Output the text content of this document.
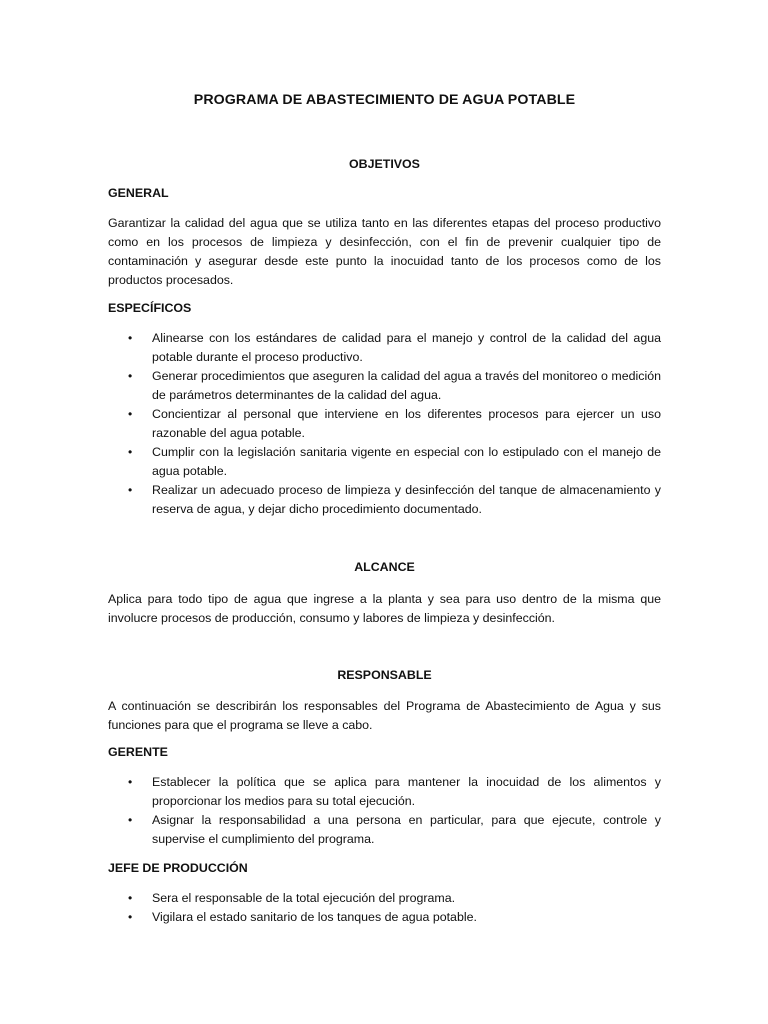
PROGRAMA DE ABASTECIMIENTO DE AGUA POTABLE
OBJETIVOS
GENERAL

Garantizar la calidad del agua que se utiliza tanto en las diferentes etapas del proceso productivo como en los procesos de limpieza y desinfección, con el fin de prevenir cualquier tipo de contaminación y asegurar desde este punto la inocuidad tanto de los procesos como de los productos procesados.

ESPECÍFICOS
• Alinearse con los estándares de calidad para el manejo y control de la calidad del agua potable durante el proceso productivo.
• Generar procedimientos que aseguren la calidad del agua a través del monitoreo o medición de parámetros determinantes de la calidad del agua.
• Concientizar al personal que interviene en los diferentes procesos para ejercer un uso razonable del agua potable.
• Cumplir con la legislación sanitaria vigente en especial con lo estipulado con el manejo de agua potable.
• Realizar un adecuado proceso de limpieza y desinfección del tanque de almacenamiento y reserva de agua, y dejar dicho procedimiento documentado.
ALCANCE

Aplica para todo tipo de agua que ingrese a la planta y sea para uso dentro de la misma que involucre procesos de producción, consumo y labores de limpieza y desinfección.

RESPONSABLE

A continuación se describirán los responsables del Programa de Abastecimiento de Agua y sus funciones para que el programa se lleve a cabo.

GERENTE
• Establecer la política que se aplica para mantener la inocuidad de los alimentos y proporcionar los medios para su total ejecución.
• Asignar la responsabilidad a una persona en particular, para que ejecute, controle y supervise el cumplimiento del programa.
JEFE DE PRODUCCIÓN
• Sera el responsable de la total ejecución del programa.
• Vigilara el estado sanitario de los tanques de agua potable.
